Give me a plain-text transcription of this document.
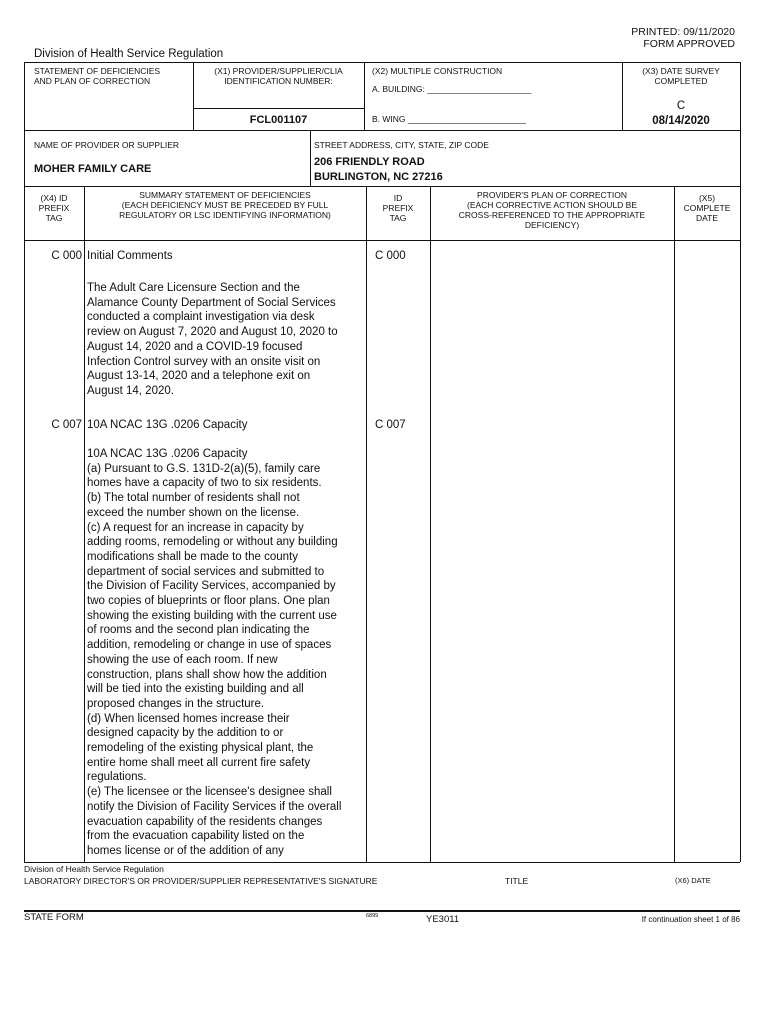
PRINTED: 09/11/2020
FORM APPROVED
Division of Health Service Regulation
STATEMENT OF DEFICIENCIES
AND PLAN OF CORRECTION
(X1) PROVIDER/SUPPLIER/CLIA
IDENTIFICATION NUMBER:
FCL001107
(X2) MULTIPLE CONSTRUCTION
A. BUILDING: ______________________
B. WING _________________________
(X3) DATE SURVEY
COMPLETED
C
08/14/2020
NAME OF PROVIDER OR SUPPLIER
MOHER FAMILY CARE
STREET ADDRESS, CITY, STATE, ZIP CODE
206 FRIENDLY ROAD
BURLINGTON, NC 27216
(X4) ID
PREFIX
TAG
SUMMARY STATEMENT OF DEFICIENCIES
(EACH DEFICIENCY MUST BE PRECEDED BY FULL
REGULATORY OR LSC IDENTIFYING INFORMATION)
ID
PREFIX
TAG
PROVIDER'S PLAN OF CORRECTION
(EACH CORRECTIVE ACTION SHOULD BE
CROSS-REFERENCED TO THE APPROPRIATE
DEFICIENCY)
(X5)
COMPLETE
DATE
C 000	C 000
Initial Comments
The Adult Care Licensure Section and the
Alamance County Department of Social Services
conducted a complaint investigation via desk
review on August 7, 2020 and August 10, 2020 to
August 14, 2020 and a COVID-19 focused
Infection Control survey with an onsite visit on
August 13-14, 2020 and a telephone exit on
August 14, 2020.
C 007	C 007
10A NCAC 13G .0206 Capacity
10A NCAC 13G .0206 Capacity
(a) Pursuant to G.S. 131D-2(a)(5), family care
homes have a capacity of two to six residents.
(b) The total number of residents shall not
exceed the number shown on the license.
(c) A request for an increase in capacity by
adding rooms, remodeling or without any building
modifications shall be made to the county
department of social services and submitted to
the Division of Facility Services, accompanied by
two copies of blueprints or floor plans. One plan
showing the existing building with the current use
of rooms and the second plan indicating the
addition, remodeling or change in use of spaces
showing the use of each room. If new
construction, plans shall show how the addition
will be tied into the existing building and all
proposed changes in the structure.
(d) When licensed homes increase their
designed capacity by the addition to or
remodeling of the existing physical plant, the
entire home shall meet all current fire safety
regulations.
(e) The licensee or the licensee's designee shall
notify the Division of Facility Services if the overall
evacuation capability of the residents changes
from the evacuation capability listed on the
homes license or of the addition of any
Division of Health Service Regulation
LABORATORY DIRECTOR'S OR PROVIDER/SUPPLIER REPRESENTATIVE'S SIGNATURE	TITLE	(X6) DATE
STATE FORM	6899	YE3011	If continuation sheet 1 of 86
